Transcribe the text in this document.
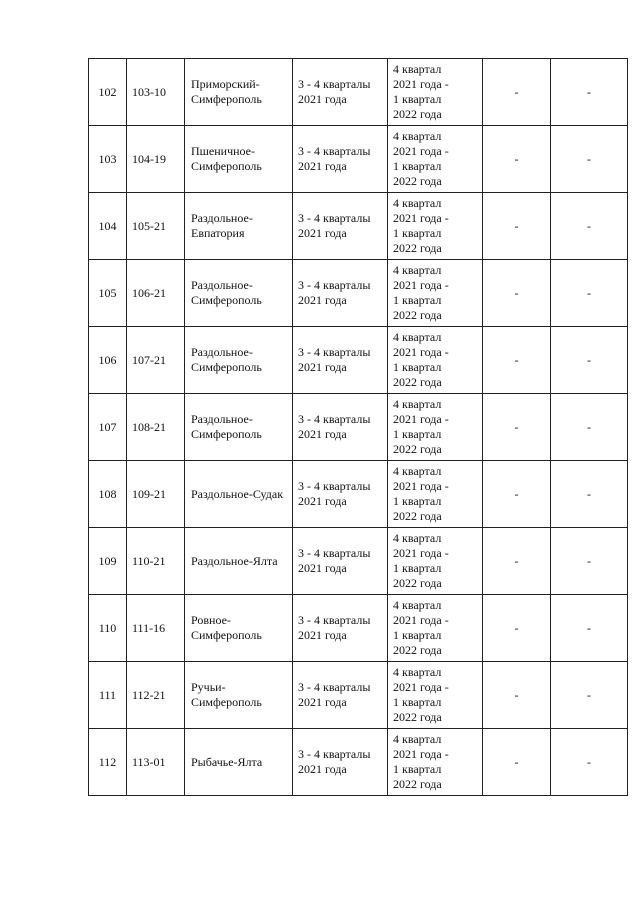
102	103-10	Приморский-
Симферополь	3 - 4 кварталы
2021 года	4 квартал
2021 года -
1 квартал
2022 года	-	-

103	104-19	Пшеничное-
Симферополь	3 - 4 кварталы
2021 года	4 квартал
2021 года -
1 квартал
2022 года	-	-

104	105-21	Раздольное-
Евпатория	3 - 4 кварталы
2021 года	4 квартал
2021 года -
1 квартал
2022 года	-	-

105	106-21	Раздольное-
Симферополь	3 - 4 кварталы
2021 года	4 квартал
2021 года -
1 квартал
2022 года	-	-

106	107-21	Раздольное-
Симферополь	3 - 4 кварталы
2021 года	4 квартал
2021 года -
1 квартал
2022 года	-	-

107	108-21	Раздольное-
Симферополь	3 - 4 кварталы
2021 года	4 квартал
2021 года -
1 квартал
2022 года	-	-

108	109-21	Раздольное-Судак	3 - 4 кварталы
2021 года	4 квартал
2021 года -
1 квартал
2022 года	-	-

109	110-21	Раздольное-Ялта	3 - 4 кварталы
2021 года	4 квартал
2021 года -
1 квартал
2022 года	-	-

110	111-16	Ровное-
Симферополь	3 - 4 кварталы
2021 года	4 квартал
2021 года -
1 квартал
2022 года	-	-

111	112-21	Ручьи-
Симферополь	3 - 4 кварталы
2021 года	4 квартал
2021 года -
1 квартал
2022 года	-	-

112	113-01	Рыбачье-Ялта	3 - 4 кварталы
2021 года	4 квартал
2021 года -
1 квартал
2022 года	-	-
